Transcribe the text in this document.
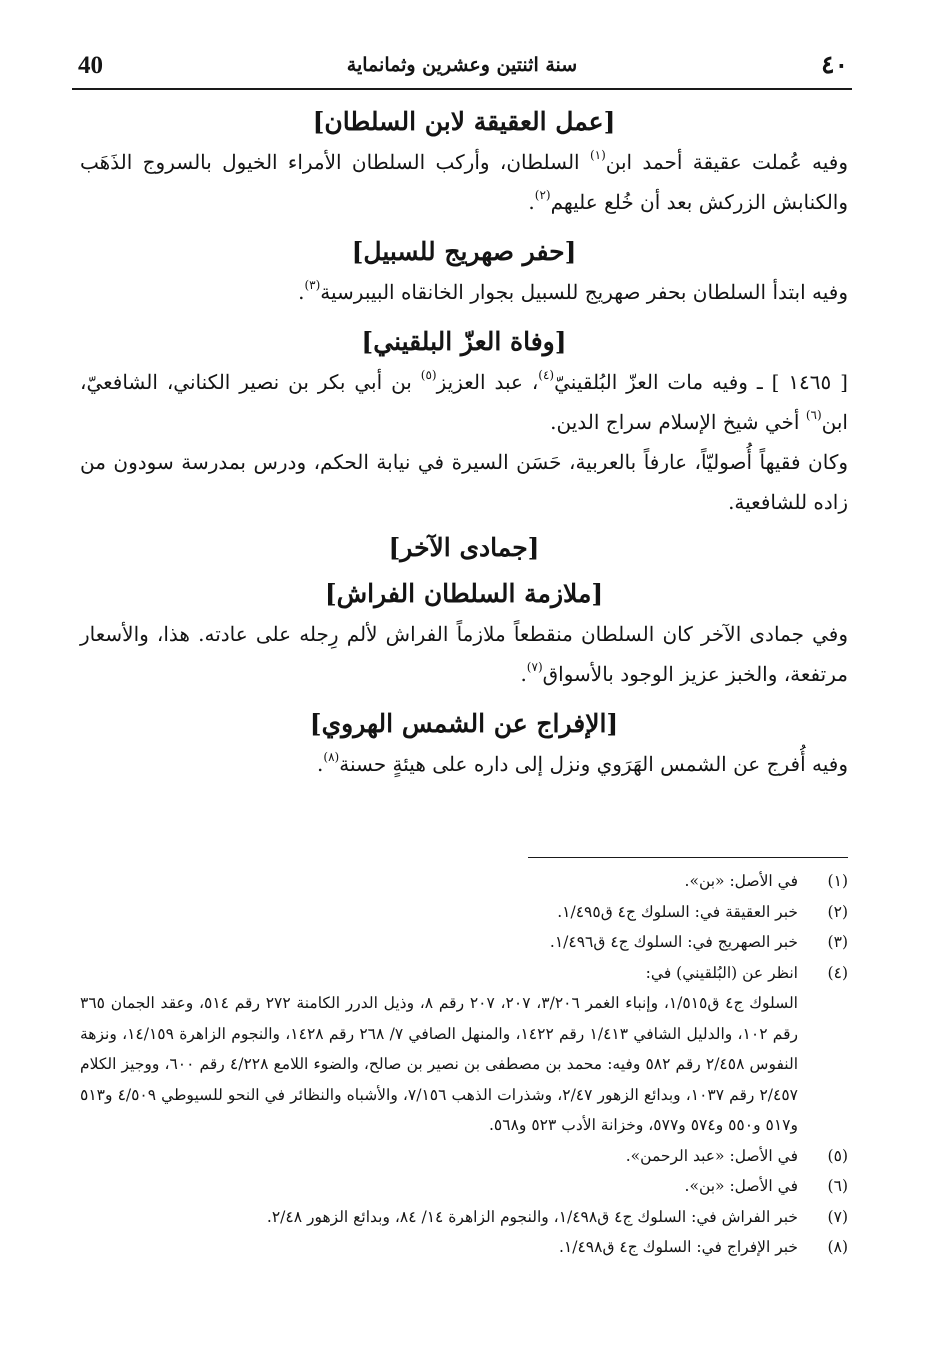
40	سنة اثنتين وعشرين وثمانماية	٤٠
[عمل العقيقة لابن السلطان]

وفيه عُملت عقيقة أحمد ابن$^{(١)}$ السلطان، وأركب السلطان الأمراء الخيول بالسروج الذَهَب والكنابش الزركش بعد أن خُلع عليهم$^{(٢)}$.

[حفر صهريج للسبيل]

وفيه ابتدأ السلطان بحفر صهريج للسبيل بجوار الخانقاه البيبرسية$^{(٣)}$.

[وفاة العزّ البلقيني]

[ ١٤٦٥ ] ـ وفيه مات العزّ البُلقينيّ$^{(٤)}$، عبد العزيز$^{(٥)}$ بن أبي بكر بن نصير الكناني، الشافعيّ، ابن$^{(٦)}$ أخي شيخ الإسلام سراج الدين.

وكان فقيهاً أُصوليّاً، عارفاً بالعربية، حَسَن السيرة في نيابة الحكم، ودرس بمدرسة سودون من زاده للشافعية.

[جمادى الآخر]
[ملازمة السلطان الفراش]

وفي جمادى الآخر كان السلطان منقطعاً ملازماً الفراش لألم رِجله على عادته. هذا، والأسعار مرتفعة، والخبز عزيز الوجود بالأسواق$^{(٧)}$.

[الإفراج عن الشمس الهروي]

وفيه أُفرج عن الشمس الهَرَوي ونزل إلى داره على هيئةٍ حسنة$^{(٨)}$.

(١)
في الأصل: «بن».

(٢)
خبر العقيقة في: السلوك ج٤ ق١/٤٩٥.

(٣)
خبر الصهريج في: السلوك ج٤ ق١/٤٩٦.

(٤)
انظر عن (البُلقيني) في:

السلوك ج٤ ق١/٥١٥، وإنباء الغمر ٣/٢٠٦، ٢٠٧، ٢٠٧ رقم ٨، وذيل الدرر الكامنة ٢٧٢ رقم ٥١٤، وعقد الجمان ٣٦٥ رقم ١٠٢، والدليل الشافي ١/٤١٣ رقم ١٤٢٢، والمنهل الصافي ٧/ ٢٦٨ رقم ١٤٢٨، والنجوم الزاهرة ١٤/١٥٩، ونزهة النفوس ٢/٤٥٨ رقم ٥٨٢ وفيه: محمد بن مصطفى بن نصير بن صالح، والضوء اللامع ٤/٢٢٨ رقم ٦٠٠، ووجيز الكلام ٢/٤٥٧ رقم ١٠٣٧، وبدائع الزهور ٢/٤٧، وشذرات الذهب ٧/١٥٦، والأشباه والنظائر في النحو للسيوطي ٤/٥٠٩ و٥١٣ و٥١٧ و٥٥٠ و٥٧٤ و٥٧٧، وخزانة الأدب ٥٢٣ و٥٦٨.

(٥)
في الأصل: «عبد الرحمن».

(٦)
في الأصل: «بن».

(٧)
خبر الفراش في: السلوك ج٤ ق١/٤٩٨، والنجوم الزاهرة ١٤/ ٨٤، وبدائع الزهور ٢/٤٨.

(٨)
خبر الإفراج في: السلوك ج٤ ق١/٤٩٨.
